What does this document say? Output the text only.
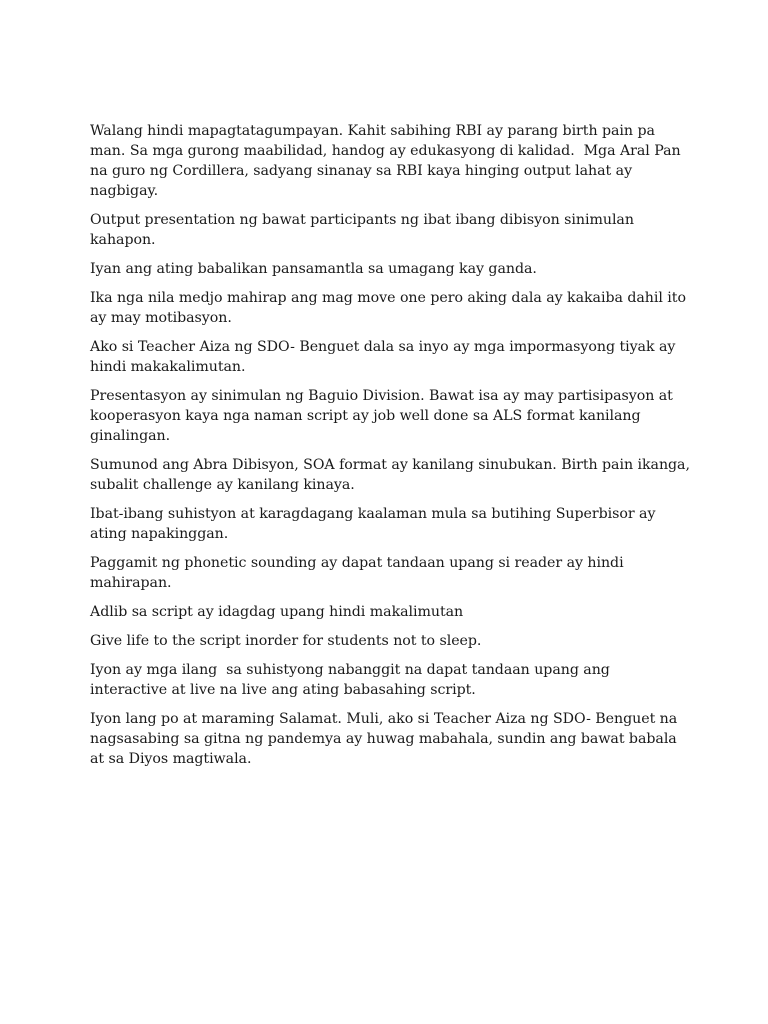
Walang hindi mapagtatagumpayan. Kahit sabihing RBI ay parang birth pain pa man. Sa mga gurong maabilidad, handog ay edukasyong di kalidad.  Mga Aral Pan na guro ng Cordillera, sadyang sinanay sa RBI kaya hinging output lahat ay nagbigay.

Output presentation ng bawat participants ng ibat ibang dibisyon sinimulan kahapon.

Iyan ang ating babalikan pansamantla sa umagang kay ganda.

Ika nga nila medjo mahirap ang mag move one pero aking dala ay kakaiba dahil ito ay may motibasyon.

Ako si Teacher Aiza ng SDO- Benguet dala sa inyo ay mga impormasyong tiyak ay hindi makakalimutan.

Presentasyon ay sinimulan ng Baguio Division. Bawat isa ay may partisipasyon at kooperasyon kaya nga naman script ay job well done sa ALS format kanilang ginalingan.

Sumunod ang Abra Dibisyon, SOA format ay kanilang sinubukan. Birth pain ikanga, subalit challenge ay kanilang kinaya.

Ibat-ibang suhistyon at karagdagang kaalaman mula sa butihing Superbisor ay ating napakinggan.

Paggamit ng phonetic sounding ay dapat tandaan upang si reader ay hindi mahirapan.

Adlib sa script ay idagdag upang hindi makalimutan

Give life to the script inorder for students not to sleep.

Iyon ay mga ilang  sa suhistyong nabanggit na dapat tandaan upang ang interactive at live na live ang ating babasahing script.

Iyon lang po at maraming Salamat. Muli, ako si Teacher Aiza ng SDO- Benguet na nagsasabing sa gitna ng pandemya ay huwag mabahala, sundin ang bawat babala at sa Diyos magtiwala.
